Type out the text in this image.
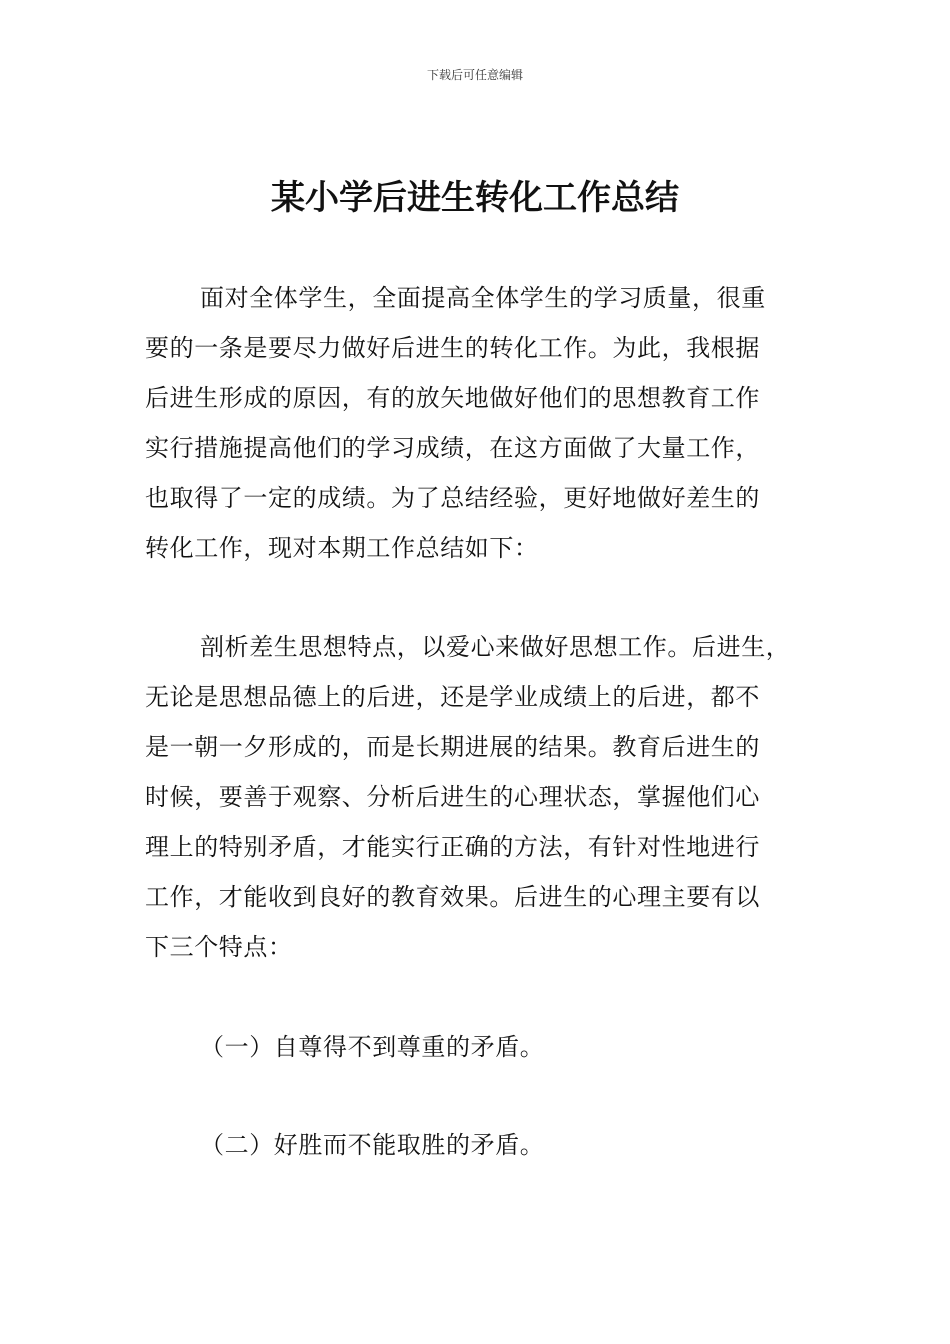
下载后可任意编辑
某小学后进生转化工作总结

面对全体学生，全面提高全体学生的学习质量，很重
要的一条是要尽力做好后进生的转化工作。为此，我根据
后进生形成的原因，有的放矢地做好他们的思想教育工作
实行措施提高他们的学习成绩，在这方面做了大量工作，
也取得了一定的成绩。为了总结经验，更好地做好差生的
转化工作，现对本期工作总结如下：

剖析差生思想特点，以爱心来做好思想工作。后进生，
无论是思想品德上的后进，还是学业成绩上的后进，都不
是一朝一夕形成的，而是长期进展的结果。教育后进生的
时候，要善于观察、分析后进生的心理状态，掌握他们心
理上的特别矛盾，才能实行正确的方法，有针对性地进行
工作，才能收到良好的教育效果。后进生的心理主要有以
下三个特点：

（一）自尊得不到尊重的矛盾。

（二）好胜而不能取胜的矛盾。
